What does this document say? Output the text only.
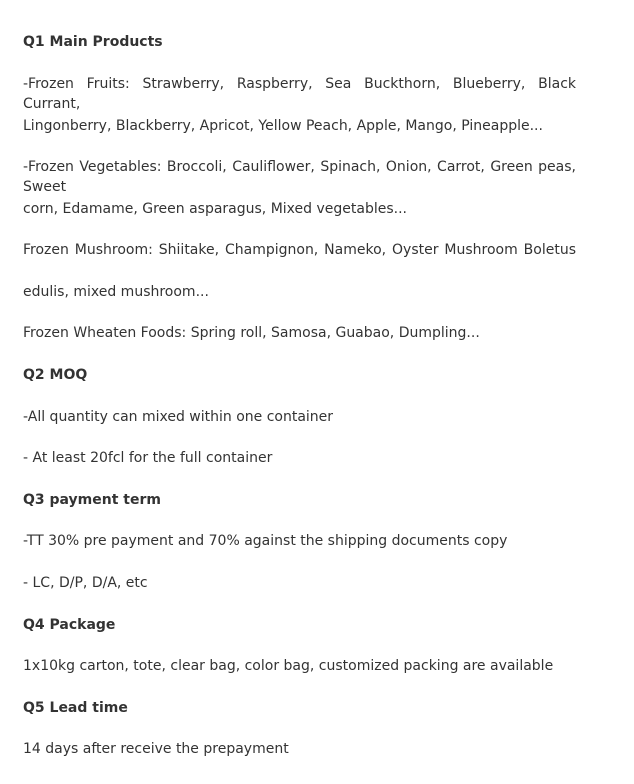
Q1 Main Products
-Frozen Fruits: Strawberry, Raspberry, Sea Buckthorn, Blueberry, Black Currant,
Lingonberry, Blackberry, Apricot, Yellow Peach, Apple, Mango, Pineapple...
-Frozen Vegetables: Broccoli, Cauliflower, Spinach, Onion, Carrot, Green peas, Sweet
corn, Edamame, Green asparagus, Mixed vegetables...
Frozen Mushroom: Shiitake, Champignon, Nameko, Oyster Mushroom Boletus
edulis, mixed mushroom...
Frozen Wheaten Foods: Spring roll, Samosa, Guabao, Dumpling...
Q2 MOQ
-All quantity can mixed within one container
- At least 20fcl for the full container
Q3 payment term
-TT 30% pre payment and 70% against the shipping documents copy
- LC, D/P, D/A, etc
Q4 Package
1x10kg carton, tote, clear bag, color bag, customized packing are available
Q5 Lead time
14 days after receive the prepayment
